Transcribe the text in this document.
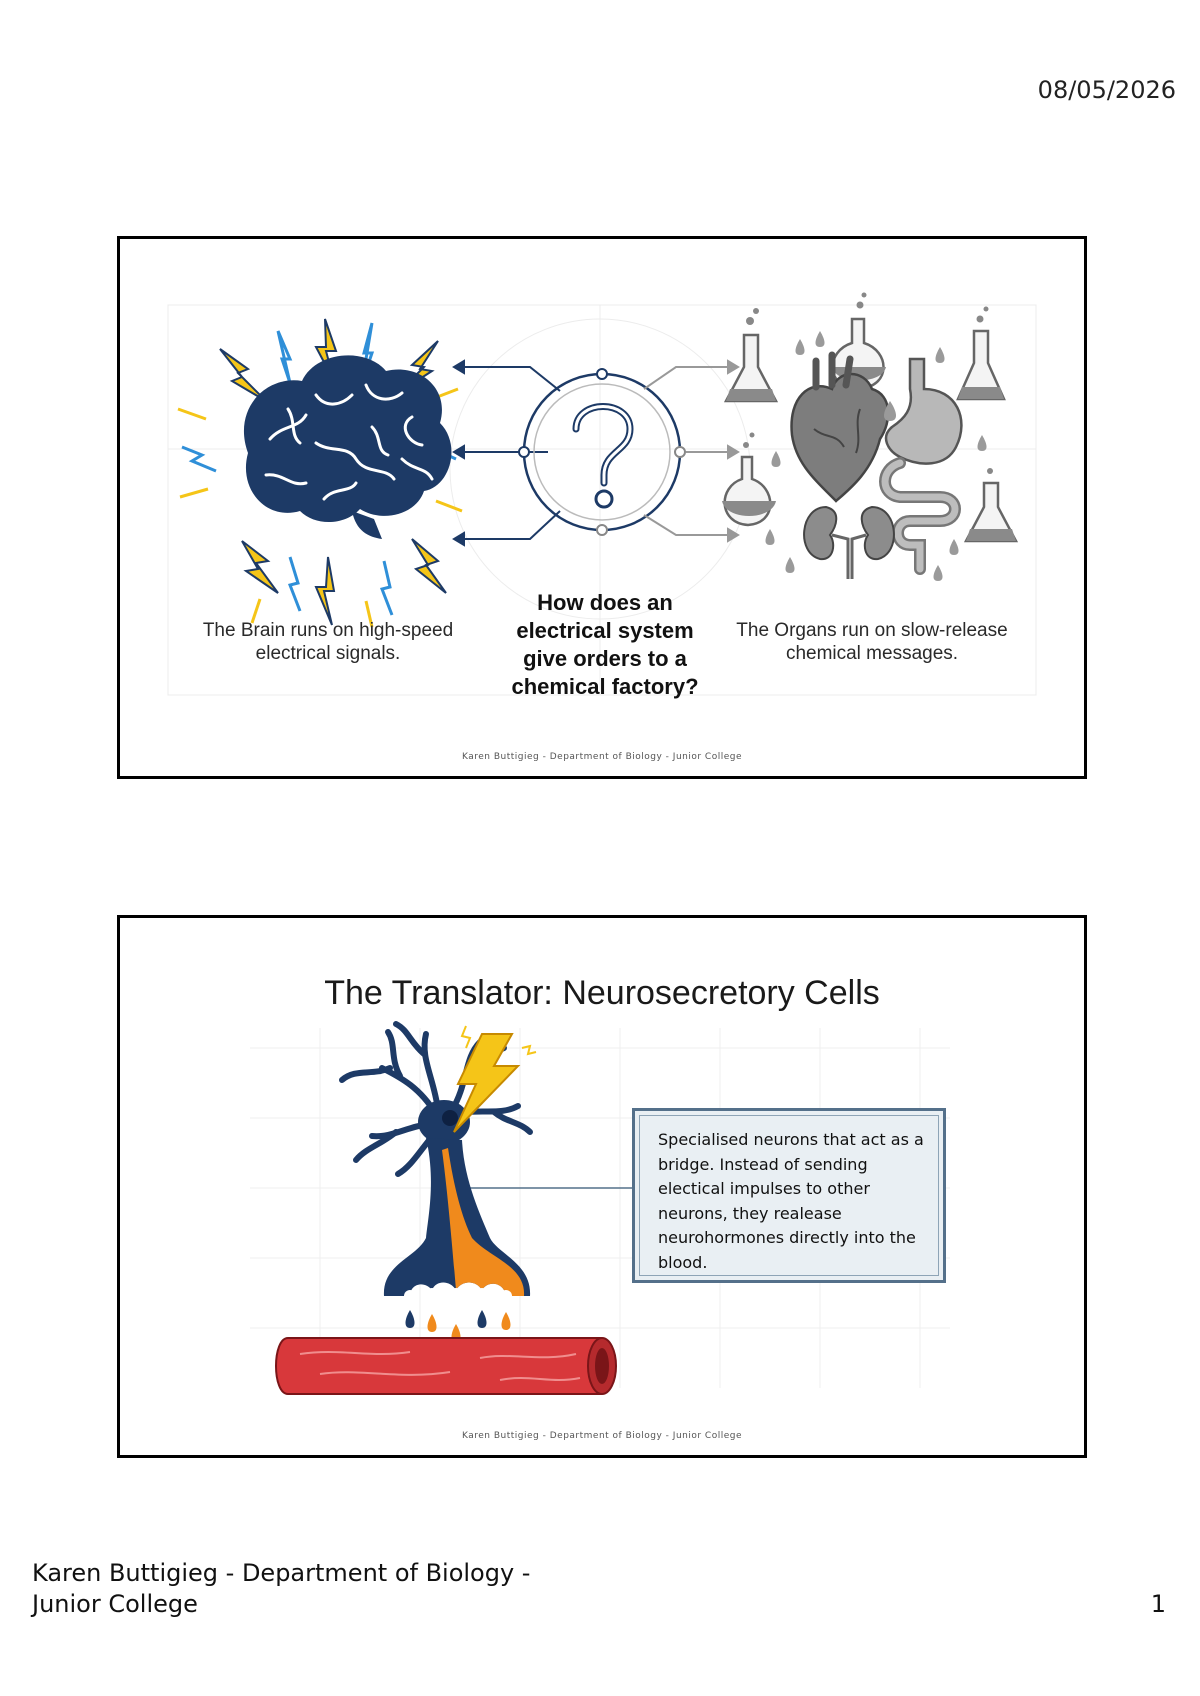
08/05/2026
The Brain runs on high-speed electrical signals.
How does an electrical system give orders to a chemical factory?
The Organs run on slow-release chemical messages.
Karen Buttigieg - Department of Biology - Junior College
The Translator: Neurosecretory Cells
Specialised neurons that act as a bridge. Instead of sending electical impulses to other neurons, they realease neurohormones directly into the blood.
Karen Buttigieg - Department of Biology - Junior College
Karen Buttigieg - Department of Biology -
Junior College	1
